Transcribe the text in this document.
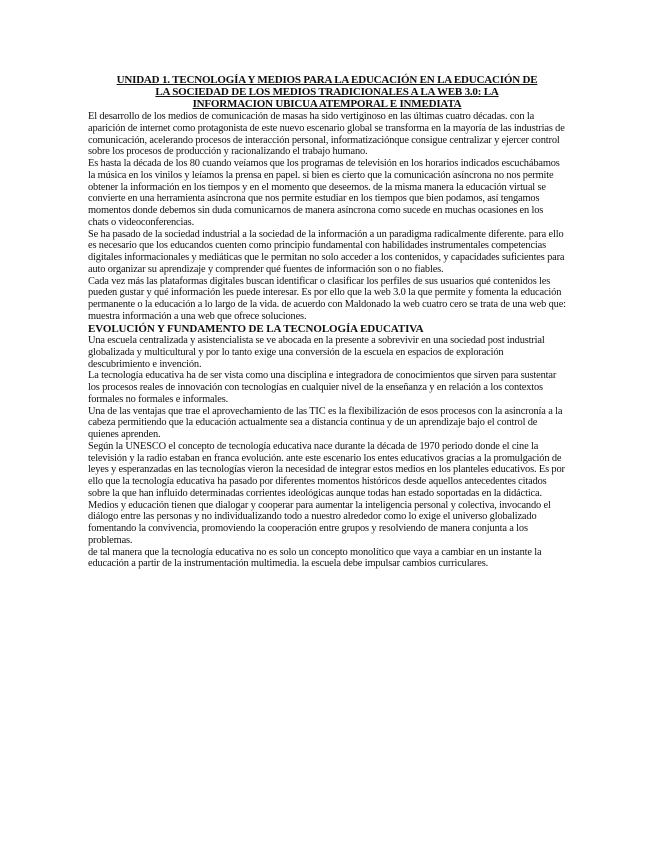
UNIDAD 1. TECNOLOGÍA Y MEDIOS PARA LA EDUCACIÓN EN LA EDUCACIÓN DE
LA SOCIEDAD DE LOS MEDIOS TRADICIONALES A LA WEB 3.0: LA
INFORMACION UBICUA ATEMPORAL E INMEDIATA

El desarrollo de los medios de comunicación de masas ha sido vertiginoso en las últimas cuatro décadas. con la aparición de internet como protagonista de este nuevo escenario global se transforma en la mayoría de las industrias de comunicación, acelerando procesos de interacción personal, informatizaciónque consigue centralizar y ejercer control sobre los procesos de producción y racionalizando el trabajo humano.

Es hasta la década de los 80 cuando veíamos que los programas de televisión en los horarios indicados escuchábamos la música en los vinilos y leíamos la prensa en papel. si bien es cierto que la comunicación asíncrona no nos permite obtener la información en los tiempos y en el momento que deseemos. de la misma manera la educación virtual se convierte en una herramienta asíncrona que nos permite estudiar en los tiempos que bien podamos, así tengamos momentos donde debemos sin duda comunicarnos de manera asíncrona como sucede en muchas ocasiones en los chats o videoconferencias.

Se ha pasado de la sociedad industrial a la sociedad de la información a un paradigma radicalmente diferente. para ello es necesario que los educandos cuenten como principio fundamental con habilidades instrumentales competencias digitales informacionales y mediáticas que le permitan no solo acceder a los contenidos, y capacidades suficientes para auto organizar su aprendizaje y comprender qué fuentes de información son o no fiables.

Cada vez más las plataformas digitales buscan identificar o clasificar los perfiles de sus usuarios qué contenidos les pueden gustar y qué información les puede interesar. Es por ello que la web 3.0 la que permite y fomenta la educación permanente o la educación a lo largo de la vida. de acuerdo con Maldonado la web cuatro cero se trata de una web que: muestra información a una web que ofrece soluciones.

EVOLUCIÓN Y FUNDAMENTO DE LA TECNOLOGÍA EDUCATIVA

Una escuela centralizada y asistencialista se ve abocada en la presente a sobrevivir en una sociedad post industrial globalizada y multicultural y por lo tanto exige una conversión de la escuela en espacios de exploración descubrimiento e invención.

La tecnología educativa ha de ser vista como una disciplina e integradora de conocimientos que sirven para sustentar los procesos reales de innovación con tecnologías en cualquier nivel de la enseñanza y en relación a los contextos formales no formales e informales.

Una de las ventajas que trae el aprovechamiento de las TIC es la flexibilización de esos procesos con la asincronía a la cabeza permitiendo que la educación actualmente sea a distancia continua y de un aprendizaje bajo el control de quienes aprenden.

Según la UNESCO el concepto de tecnología educativa nace durante la década de 1970 periodo donde el cine la televisión y la radio estaban en franca evolución. ante este escenario los entes educativos gracias a la promulgación de leyes y esperanzadas en las tecnologías vieron la necesidad de integrar estos medios en los planteles educativos. Es por ello que la tecnología educativa ha pasado por diferentes momentos históricos desde aquellos antecedentes citados sobre la que han influido determinadas corrientes ideológicas aunque todas han estado soportadas en la didáctica.

Medios y educación tienen que dialogar y cooperar para aumentar la inteligencia personal y colectiva, invocando el diálogo entre las personas y no individualizando todo a nuestro alrededor como lo exige el universo globalizado fomentando la convivencia, promoviendo la cooperación entre grupos y resolviendo de manera conjunta a los problemas.

de tal manera que la tecnología educativa no es solo un concepto monolítico que vaya a cambiar en un instante la educación a partir de la instrumentación multimedia. la escuela debe impulsar cambios curriculares.
